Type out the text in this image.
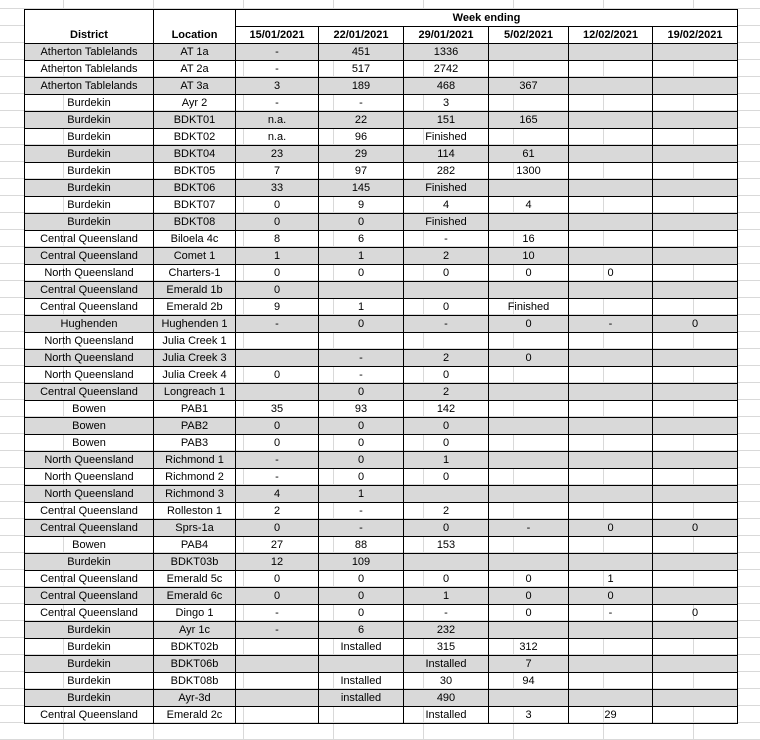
		Week ending					
District	Location	15/01/2021	22/01/2021	29/01/2021	5/02/2021	12/02/2021	19/02/2021
Atherton Tablelands	AT 1a	-	451	1336			
Atherton Tablelands	AT 2a	-	517	2742			
Atherton Tablelands	AT 3a	3	189	468	367		
Burdekin	Ayr 2	-	-	3			
Burdekin	BDKT01	n.a.	22	151	165		
Burdekin	BDKT02	n.a.	96	Finished			
Burdekin	BDKT04	23	29	114	61		
Burdekin	BDKT05	7	97	282	1300		
Burdekin	BDKT06	33	145	Finished			
Burdekin	BDKT07	0	9	4	4		
Burdekin	BDKT08	0	0	Finished			
Central Queensland	Biloela 4c	8	6	-	16		
Central Queensland	Comet 1	1	1	2	10		
North Queensland	Charters-1	0	0	0	0	0	
Central Queensland	Emerald 1b	0					
Central Queensland	Emerald 2b	9	1	0	Finished		
Hughenden	Hughenden 1	-	0	-	0	-	0
North Queensland	Julia Creek 1						
North Queensland	Julia Creek 3		-	2	0		
North Queensland	Julia Creek 4	0	-	0			
Central Queensland	Longreach 1		0	2			
Bowen	PAB1	35	93	142			
Bowen	PAB2	0	0	0			
Bowen	PAB3	0	0	0			
North Queensland	Richmond 1	-	0	1			
North Queensland	Richmond 2	-	0	0			
North Queensland	Richmond 3	4	1				
Central Queensland	Rolleston 1	2	-	2			
Central Queensland	Sprs-1a	0	-	0	-	0	0
Bowen	PAB4	27	88	153			
Burdekin	BDKT03b	12	109				
Central Queensland	Emerald 5c	0	0	0	0	1	
Central Queensland	Emerald 6c	0	0	1	0	0	
Central Queensland	Dingo 1	-	0	-	0	-	0
Burdekin	Ayr 1c	-	6	232			
Burdekin	BDKT02b		Installed	315	312		
Burdekin	BDKT06b			Installed	7		
Burdekin	BDKT08b		Installed	30	94		
Burdekin	Ayr-3d		installed	490			
Central Queensland	Emerald 2c			Installed	3	29	
